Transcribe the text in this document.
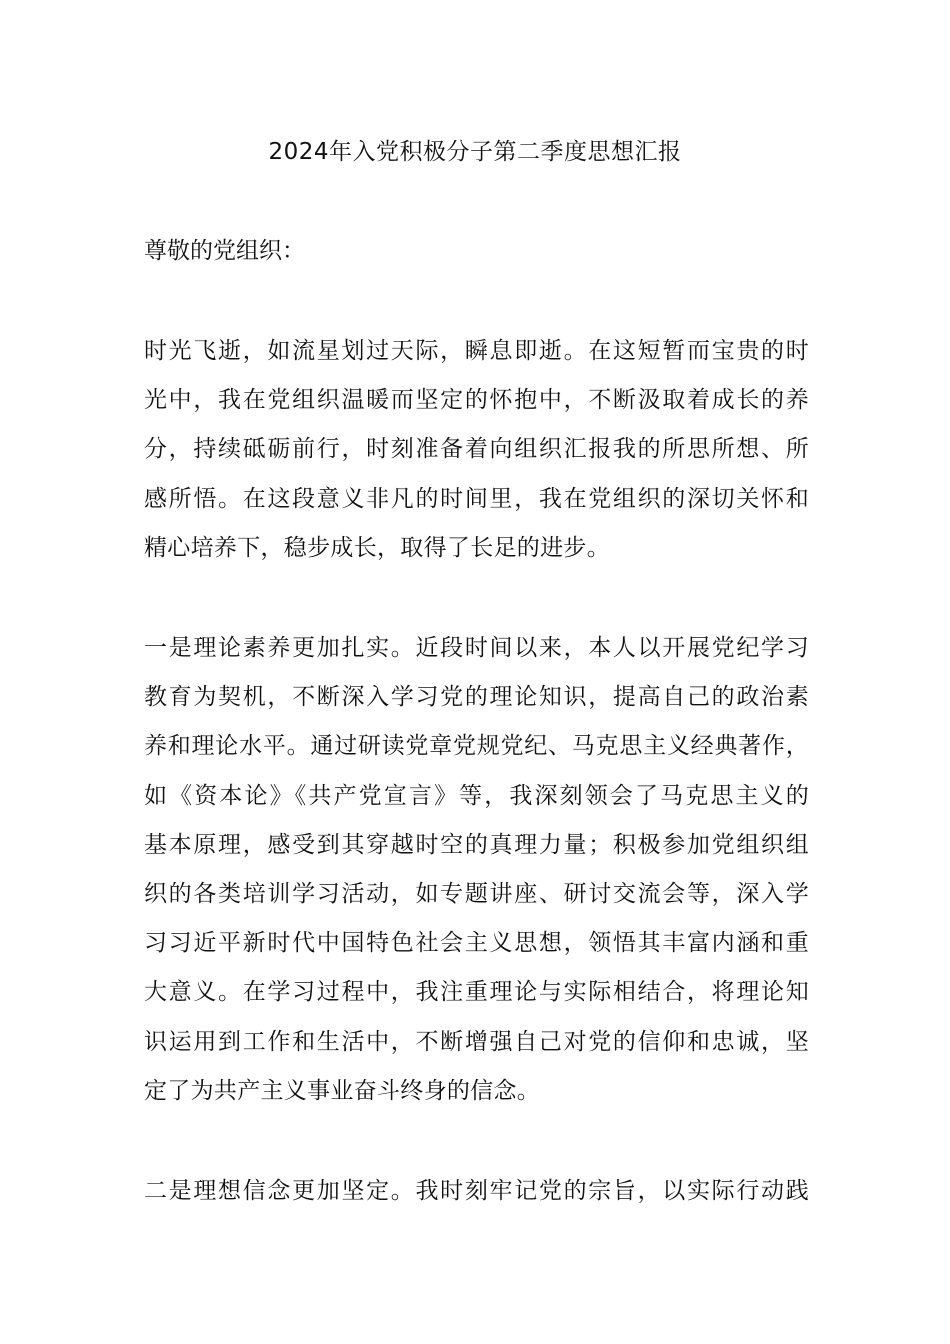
2024年入党积极分子第二季度思想汇报
尊敬的党组织：
时光飞逝，如流星划过天际，瞬息即逝。在这短暂而宝贵的时
光中，我在党组织温暖而坚定的怀抱中，不断汲取着成长的养
分，持续砥砺前行，时刻准备着向组织汇报我的所思所想、所
感所悟。在这段意义非凡的时间里，我在党组织的深切关怀和
精心培养下，稳步成长，取得了长足的进步。
一是理论素养更加扎实。近段时间以来，本人以开展党纪学习
教育为契机，不断深入学习党的理论知识，提高自己的政治素
养和理论水平。通过研读党章党规党纪、马克思主义经典著作，
如《资本论》《共产党宣言》等，我深刻领会了马克思主义的
基本原理，感受到其穿越时空的真理力量；积极参加党组织组
织的各类培训学习活动，如专题讲座、研讨交流会等，深入学
习习近平新时代中国特色社会主义思想，领悟其丰富内涵和重
大意义。在学习过程中，我注重理论与实际相结合，将理论知
识运用到工作和生活中，不断增强自己对党的信仰和忠诚，坚
定了为共产主义事业奋斗终身的信念。
二是理想信念更加坚定。我时刻牢记党的宗旨，以实际行动践
